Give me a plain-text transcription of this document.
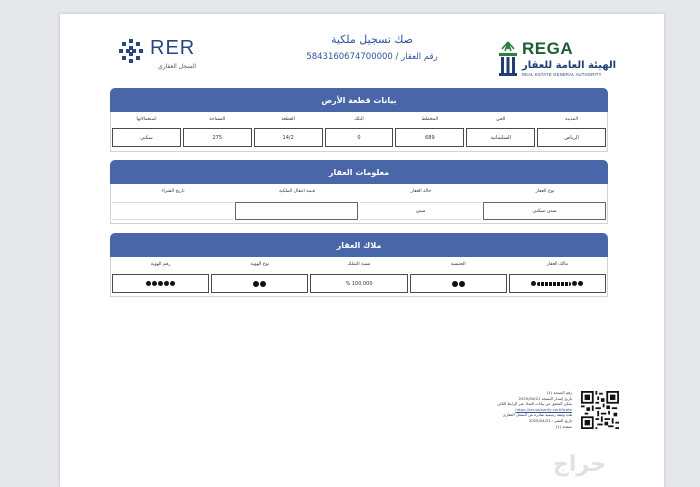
REGA
الهيئة العامة للعقار
REAL ESTATE GENERAL AUTHORITY
صك تسجيل ملكية
رقم العقار / 5843160674700000
RER
السجل العقاري
بيانات قطعة الأرض
المدينة
الحي
المخطط
البلك
القطعة
المساحة
استعمالاتها
الرياض
السليمانية
689
0
14/2
275
سكني
معلومات العقار
نوع العقار
حالة العقار
قيمة انتقال الملكية
تاريخ الشراء
مبنى سكني
مبنى
ملاك العقار
مالك العقار
الجنسية
نسبة التملك
نوع الهوية
رقم الهوية
100.000 %
رقم النسخة (1)
تاريخ إصدار النسخة 2025/04/21
يمكن التحقق من بيانات الصك عبر الرابط التالي
https://rer.sa/verify-certificate
هذه وثيقة رسمية صادرة من السجل العقاري
تاريخ النشر : 2025/04/21
صفحة (1)
حراج
